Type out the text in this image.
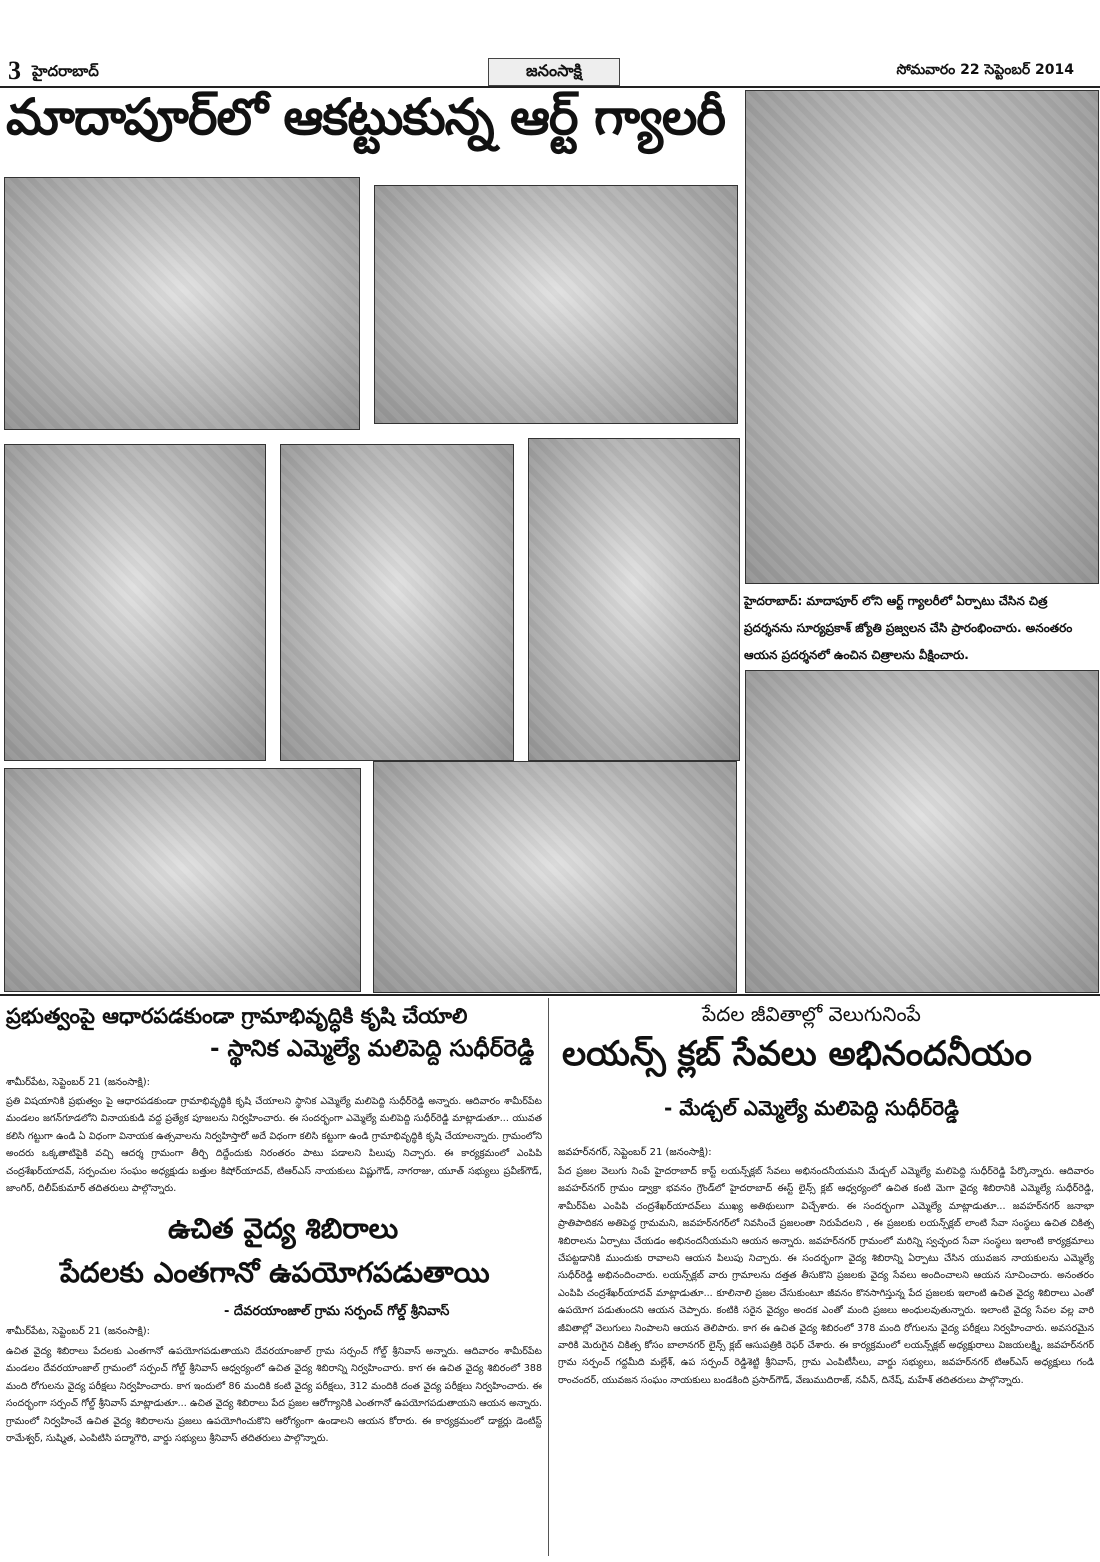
3 హైదరాబాద్	జనంసాక్షి	సోమవారం 22 సెప్టెంబర్ 2014
మాదాపూర్‌లో ఆకట్టుకున్న ఆర్ట్ గ్యాలరీ
హైదరాబాద్: మాదాపూర్ లోని ఆర్ట్ గ్యాలరీలో ఏర్పాటు చేసిన చిత్ర ప్రదర్శనను సూర్యప్రకాశ్ జ్యోతి ప్రజ్వలన చేసి ప్రారంభించారు. అనంతరం ఆయన ప్రదర్శనలో ఉంచిన చిత్రాలను వీక్షించారు.
ప్రభుత్వంపై ఆధారపడకుండా గ్రామాభివృద్ధికి కృషి చేయాలి
- స్థానిక ఎమ్మెల్యే మలిపెద్ది సుధీర్‌రెడ్డి
శామీర్‌పేట, సెప్టెంబర్ 21 (జనంసాక్షి):
ప్రతి విషయానికి ప్రభుత్వం పై ఆధారపడకుండా గ్రామాభివృద్ధికి కృషి చేయాలని స్థానిక ఎమ్మెల్యే మలిపెద్ది సుధీర్‌రెడ్డి అన్నారు. ఆదివారం శామీర్‌పేట మండలం జగన్‌గూడలోని వినాయకుడి వద్ద ప్రత్యేక పూజలను నిర్వహించారు. ఈ సందర్భంగా ఎమ్మెల్యే మలిపెద్ది సుధీర్‌రెడ్డి మాట్లాడుతూ... యువత కలిసి గట్టుగా ఉండి ఏ విధంగా వినాయక ఉత్సవాలను నిర్వహిస్తారో అదే విధంగా కలిసి కట్టుగా ఉండి గ్రామాభివృద్ధికి కృషి చేయాలన్నారు. గ్రామంలోని అందరు ఒక్కతాటిపైకి వచ్చి ఆదర్శ గ్రామంగా తీర్చి దిద్దేందుకు నిరంతరం పాటు పడాలని పిలుపు నిచ్చారు. ఈ కార్యక్రమంలో ఎంపిపి చంద్రశేఖర్‌యాదవ్, సర్పంచుల సంఘం అధ్యక్షుడు బత్తుల కిషోర్‌యాదవ్, టిఆర్ఎస్ నాయకులు విష్ణుగౌడ్, నాగరాజు, యూత్ సభ్యులు ప్రవీణ్‌గౌడ్, జాంగిర్, దిలీప్‌కుమార్ తదితరులు పాల్గొన్నారు.
ఉచిత వైద్య శిబిరాలు
పేదలకు ఎంతగానో ఉపయోగపడుతాయి
- దేవరయాంజాల్ గ్రామ సర్పంచ్ గోల్డ్ శ్రీనివాస్
శామీర్‌పేట, సెప్టెంబర్ 21 (జనంసాక్షి):
ఉచిత వైద్య శిబిరాలు పేదలకు ఎంతగానో ఉపయోగపడుతాయని దేవరయాంజాల్ గ్రామ సర్పంచ్ గోల్డ్ శ్రీనివాస్ అన్నారు. ఆదివారం శామీర్‌పేట మండలం దేవరయాంజాల్ గ్రామంలో సర్పంచ్ గోల్డ్ శ్రీనివాస్ ఆధ్వర్యంలో ఉచిత వైద్య శిబిరాన్ని నిర్వహించారు. కాగ ఈ ఉచిత వైద్య శిబిరంలో 388 మంది రోగులను వైద్య పరీక్షలు నిర్వహించారు. కాగ ఇందులో 86 మందికి కంటి వైద్య పరీక్షలు, 312 మందికి దంత వైద్య పరీక్షలు నిర్వహించారు. ఈ సందర్భంగా సర్పంచ్ గోల్డ్ శ్రీనివాస్ మాట్లాడుతూ... ఉచిత వైద్య శిబిరాలు పేద ప్రజల ఆరోగ్యానికి ఎంతగానో ఉపయోగపడుతాయని ఆయన అన్నారు. గ్రామంలో నిర్వహించే ఉచిత వైద్య శిబిరాలను ప్రజలు ఉపయోగించుకొని ఆరోగ్యంగా ఉండాలని ఆయన కోరారు. ఈ కార్యక్రమంలో డాక్టర్లు డెంటిస్ట్ రామేశ్వర్, సుష్మిత, ఎంపిటిసి పద్మాగౌరి, వార్డు సభ్యులు శ్రీనివాస్ తదితరులు పాల్గొన్నారు.
పేదల జీవితాల్లో వెలుగునింపే
లయన్స్ క్లబ్ సేవలు అభినందనీయం
- మేడ్చల్ ఎమ్మెల్యే మలిపెద్ది సుధీర్‌రెడ్డి
జవహర్‌నగర్, సెప్టెంబర్ 21 (జనంసాక్షి):
పేద ప్రజల వెలుగు నింపే హైదరాబాద్ కాస్ట్ లయన్స్‌క్లబ్ సేవలు అభినందనీయమని మేడ్చల్ ఎమ్మెల్యే మలిపెద్ది సుధీర్‌రెడ్డి పేర్కొన్నారు. ఆదివారం జవహర్‌నగర్ గ్రామం డ్వాక్రా భవనం గ్రౌండ్‌లో హైదరాబాద్ ఈస్ట్ లైన్స్ క్లబ్ ఆధ్వర్యంలో ఉచిత కంటి మెగా వైద్య శిబిరానికి ఎమ్మెల్యే సుధీర్‌రెడ్డి, శామీర్‌పేట ఎంపిపి చంద్రశేఖర్‌యాదవ్‌లు ముఖ్య అతిథులుగా విచ్చేశారు. ఈ సందర్భంగా ఎమ్మెల్యే మాట్లాడుతూ... జవహర్‌నగర్ జనాభా ప్రాతిపాదికన అతిపెద్ద గ్రామమని, జవహర్‌నగర్‌లో నివసించే ప్రజలంతా నిరుపేదలని , ఈ ప్రజలకు లయన్స్‌క్లబ్ లాంటి సేవా సంస్థలు ఉచిత చికిత్స శిబిరాలను ఏర్పాటు చేయడం అభినందనీయమని ఆయన అన్నారు. జవహర్‌నగర్ గ్రామంలో మరిన్ని స్వచ్ఛంద సేవా సంస్థలు ఇలాంటి కార్యక్రమాలు చేపట్టడానికి ముందుకు రావాలని ఆయన పిలుపు నిచ్చారు. ఈ సందర్భంగా వైద్య శిబిరాన్ని ఏర్పాటు చేసిన యువజన నాయకులను ఎమ్మెల్యే సుధీర్‌రెడ్డి అభినందించారు. లయన్స్‌క్లబ్ వారు గ్రామాలను దత్తత తీసుకొని ప్రజలకు వైద్య సేవలు అందించాలని ఆయన సూచించారు. అనంతరం ఎంపిపి చంద్రశేఖర్‌యాదవ్ మాట్లాడుతూ... కూలినాలి ప్రజల చేసుకుంటూ జీవనం కొనసాగిస్తున్న పేద ప్రజలకు ఇలాంటి ఉచిత వైద్య శిబిరాలు ఎంతో ఉపయోగ పడుతుందని ఆయన చెప్పారు. కంటికి సరైన వైద్యం అందక ఎంతో మంది ప్రజలు అంధులవుతున్నారు. ఇలాంటి వైద్య సేవల వల్ల వారి జీవితాల్లో వెలుగులు నింపాలని ఆయన తెలిపారు. కాగ ఈ ఉచిత వైద్య శిబిరంలో 378 మంది రోగులను వైద్య పరీక్షలు నిర్వహించారు. అవసరమైన వారికి మెరుగైన చికిత్స కోసం బాలానగర్ లైన్స్ క్లబ్ ఆసుపత్రికి రెఫర్ చేశారు. ఈ కార్యక్రమంలో లయన్స్‌క్లబ్ అధ్యక్షురాలు విజయలక్ష్మి, జవహర్‌నగర్ గ్రామ సర్పంచ్ గద్దమీది మల్లేశ్, ఉప సర్పంచ్ రెడ్డిశెట్టి శ్రీనివాస్, గ్రామ ఎంపిటీసీలు, వార్డు సభ్యులు, జవహర్‌నగర్ టిఆర్ఎస్ అధ్యక్షులు గండి రాంచందర్, యువజన సంఘం నాయకులు బండకింది ప్రసాద్‌గౌడ్, వేణుముదిరాజ్, నవీన్, దినేష్, మహేశ్ తదితరులు పాల్గొన్నారు.
